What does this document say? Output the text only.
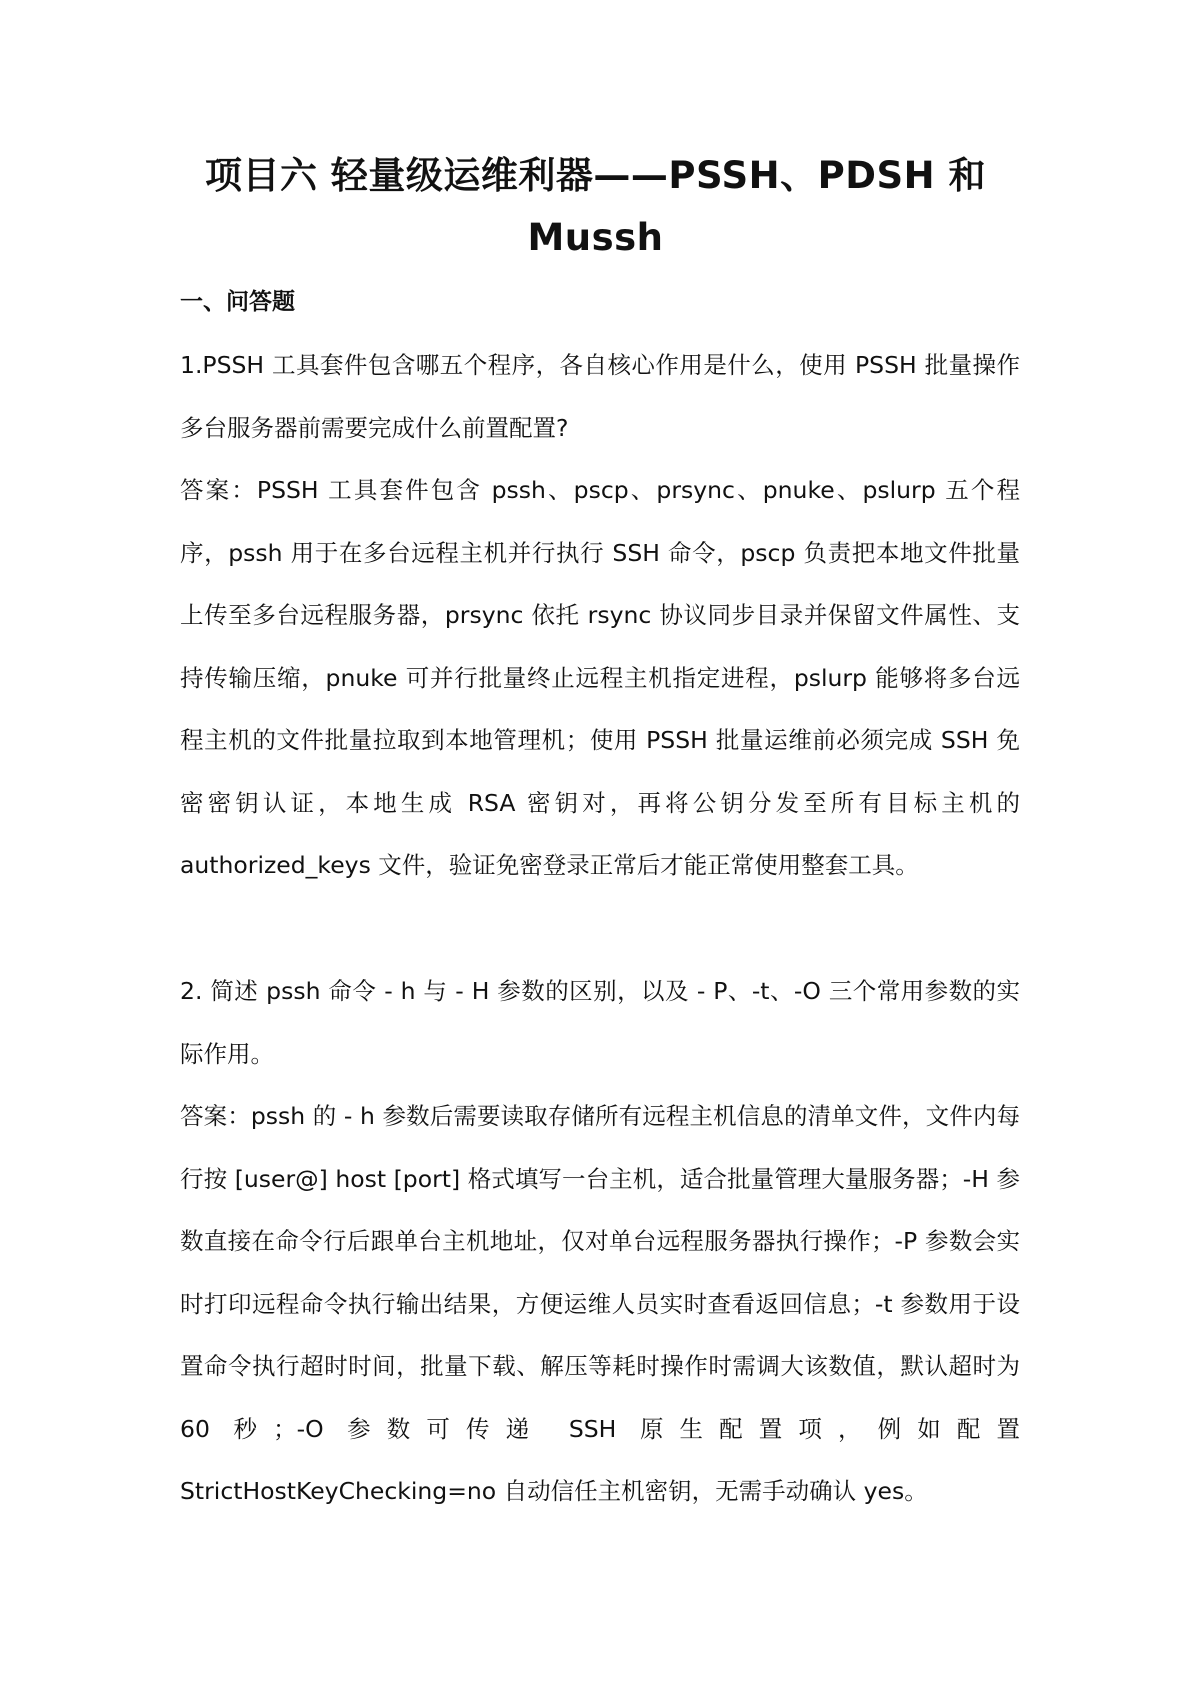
项目六 轻量级运维利器——PSSH、PDSH 和
Mussh
一、问答题

1.PSSH 工具套件包含哪五个程序，各自核心作用是什么，使用 PSSH 批量操作多台服务器前需要完成什么前置配置?

答案：PSSH 工具套件包含 pssh、pscp、prsync、pnuke、pslurp 五个程序，pssh 用于在多台远程主机并行执行 SSH 命令，pscp 负责把本地文件批量上传至多台远程服务器，prsync 依托 rsync 协议同步目录并保留文件属性、支持传输压缩，pnuke 可并行批量终止远程主机指定进程，pslurp 能够将多台远程主机的文件批量拉取到本地管理机；使用 PSSH 批量运维前必须完成 SSH 免密密钥认证，本地生成 RSA 密钥对，再将公钥分发至所有目标主机的 authorized_keys 文件，验证免密登录正常后才能正常使用整套工具。

2. 简述 pssh 命令 - h 与 - H 参数的区别，以及 - P、-t、-O 三个常用参数的实际作用。

答案：pssh 的 - h 参数后需要读取存储所有远程主机信息的清单文件，文件内每行按 [user@] host [port] 格式填写一台主机，适合批量管理大量服务器；-H 参数直接在命令行后跟单台主机地址，仅对单台远程服务器执行操作；-P 参数会实时打印远程命令执行输出结果，方便运维人员实时查看返回信息；-t 参数用于设置命令执行超时时间，批量下载、解压等耗时操作时需调大该数值，默认超时为 60 秒；-O 参数可传递 SSH 原生配置项，例如配置 StrictHostKeyChecking=no 自动信任主机密钥，无需手动确认 yes。
